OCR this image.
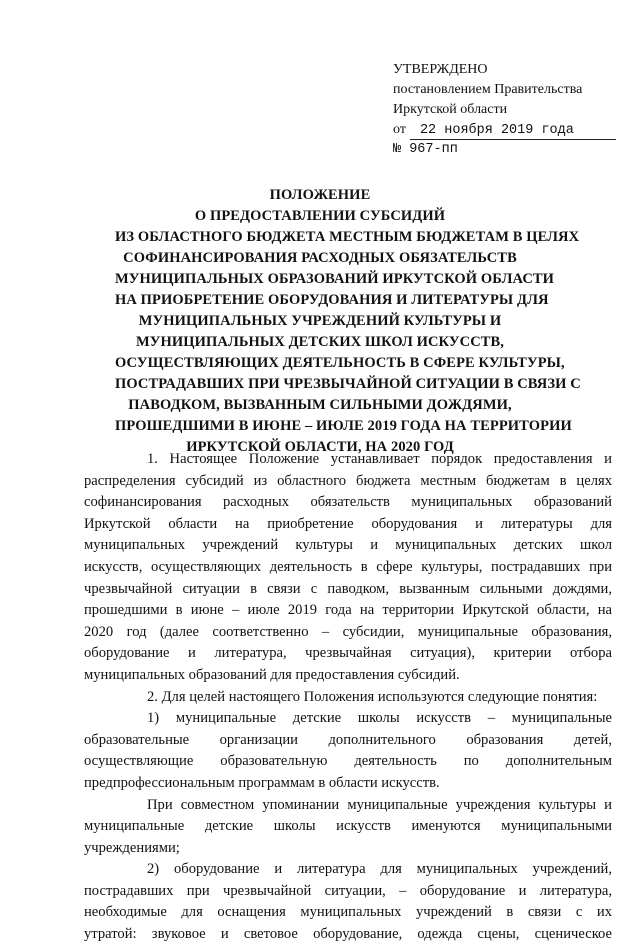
УТВЕРЖДЕНО
постановлением Правительства
Иркутской области
от	22 ноября 2019 года
№ 967-пп
ПОЛОЖЕНИЕ
О ПРЕДОСТАВЛЕНИИ СУБСИДИЙ
ИЗ ОБЛАСТНОГО БЮДЖЕТА МЕСТНЫМ БЮДЖЕТАМ В ЦЕЛЯХ
СОФИНАНСИРОВАНИЯ РАСХОДНЫХ ОБЯЗАТЕЛЬСТВ
МУНИЦИПАЛЬНЫХ ОБРАЗОВАНИЙ ИРКУТСКОЙ ОБЛАСТИ
НА ПРИОБРЕТЕНИЕ ОБОРУДОВАНИЯ И ЛИТЕРАТУРЫ ДЛЯ
МУНИЦИПАЛЬНЫХ УЧРЕЖДЕНИЙ КУЛЬТУРЫ И
МУНИЦИПАЛЬНЫХ ДЕТСКИХ ШКОЛ ИСКУССТВ,
ОСУЩЕСТВЛЯЮЩИХ ДЕЯТЕЛЬНОСТЬ В СФЕРЕ КУЛЬТУРЫ,
ПОСТРАДАВШИХ ПРИ ЧРЕЗВЫЧАЙНОЙ СИТУАЦИИ В СВЯЗИ С
ПАВОДКОМ, ВЫЗВАННЫМ СИЛЬНЫМИ ДОЖДЯМИ,
ПРОШЕДШИМИ В ИЮНЕ – ИЮЛЕ 2019 ГОДА НА ТЕРРИТОРИИ
ИРКУТСКОЙ ОБЛАСТИ, НА 2020 ГОД

1. Настоящее Положение устанавливает порядок предоставления и
распределения субсидий из областного бюджета местным бюджетам в целях
софинансирования расходных обязательств муниципальных образований
Иркутской области на приобретение оборудования и литературы для
муниципальных учреждений культуры и муниципальных детских школ
искусств, осуществляющих деятельность в сфере культуры, пострадавших при
чрезвычайной ситуации в связи с паводком, вызванным сильными дождями,
прошедшими в июне – июле 2019 года на территории Иркутской области, на
2020 год (далее соответственно – субсидии, муниципальные образования,
оборудование и литература, чрезвычайная ситуация), критерии отбора
муниципальных образований для предоставления субсидий.

2. Для целей настоящего Положения используются следующие понятия:

1) муниципальные детские школы искусств – муниципальные
образовательные организации дополнительного образования детей,
осуществляющие образовательную деятельность по дополнительным
предпрофессиональным программам в области искусств.

При совместном упоминании муниципальные учреждения культуры и
муниципальные детские школы искусств именуются муниципальными
учреждениями;

2) оборудование и литература для муниципальных учреждений,
пострадавших при чрезвычайной ситуации, – оборудование и литература,
необходимые для оснащения муниципальных учреждений в связи с их
утратой: звуковое и световое оборудование, одежда сцены, сценическое
